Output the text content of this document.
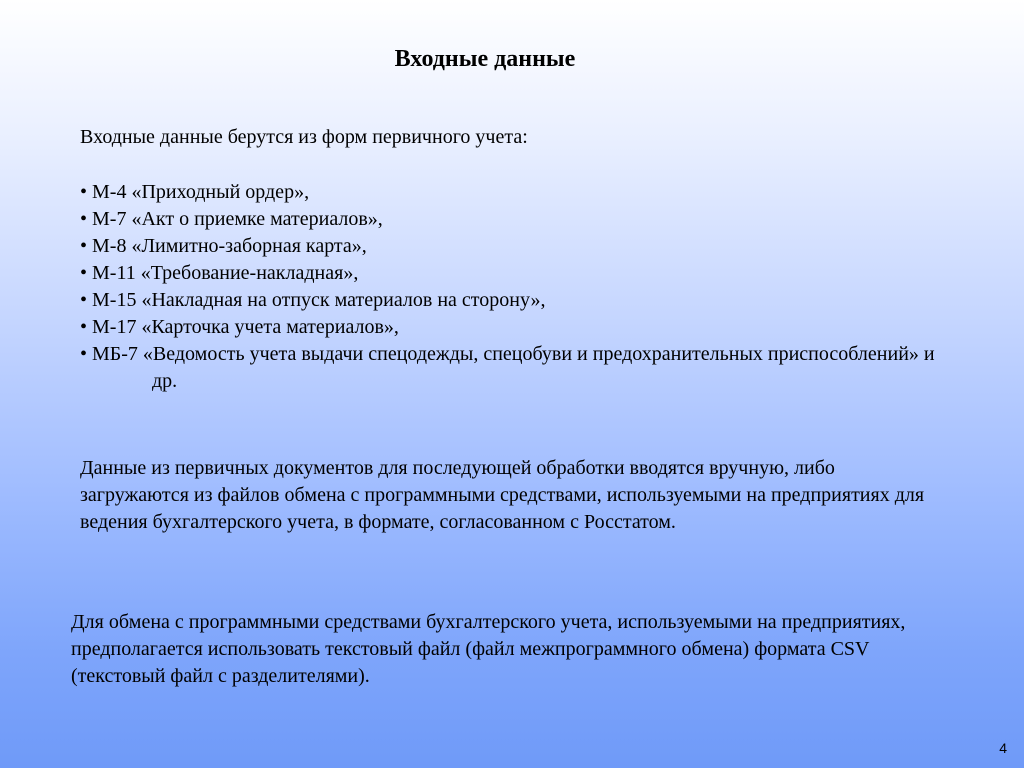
Входные данные

Входные данные берутся из форм первичного учета:

• М-4 «Приходный ордер»,
• М-7 «Акт о приемке материалов»,
• М-8 «Лимитно-заборная карта»,
• М-11 «Требование-накладная»,
• М-15 «Накладная на отпуск материалов на сторону»,
• М-17 «Карточка учета материалов»,
• МБ-7 «Ведомость учета выдачи спецодежды, спецобуви и предохранительных приспособлений» и др.

Данные из первичных документов для последующей обработки вводятся вручную, либо загружаются из файлов обмена с программными средствами, используемыми на предприятиях для ведения бухгалтерского учета, в формате, согласованном с Росстатом.

Для обмена с программными средствами бухгалтерского учета, используемыми на предприятиях, предполагается использовать текстовый файл (файл межпрограммного обмена) формата CSV (текстовый файл с разделителями).

4
